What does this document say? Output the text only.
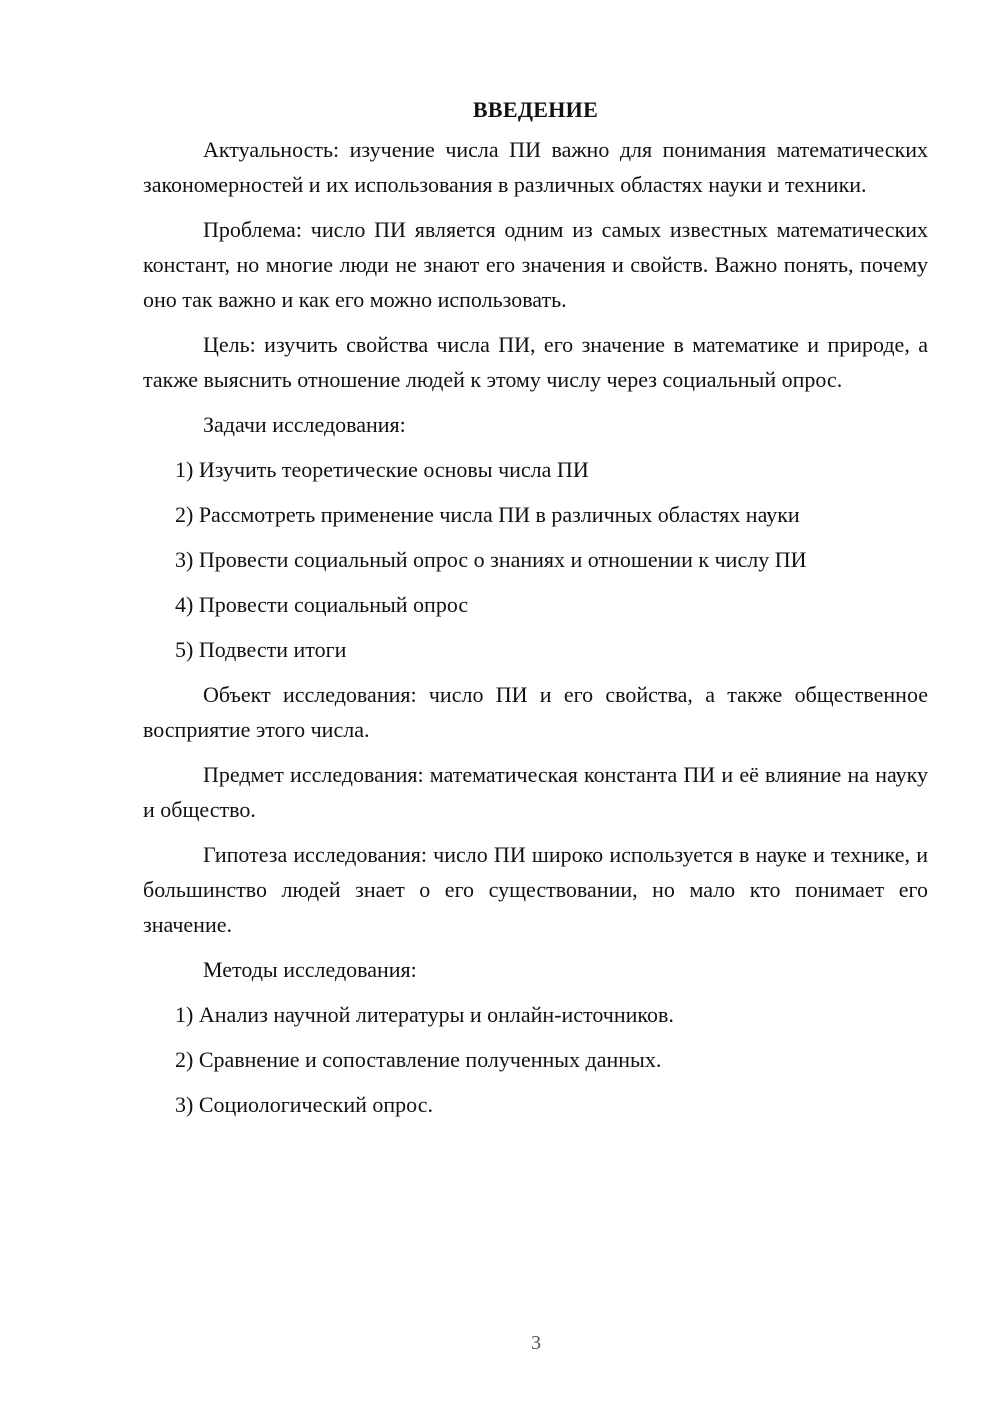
ВВЕДЕНИЕ

Актуальность: изучение числа ПИ важно для понимания математических закономерностей и их использования в различных областях науки и техники.

Проблема: число ПИ является одним из самых известных математических констант, но многие люди не знают его значения и свойств. Важно понять, почему оно так важно и как его можно использовать.

Цель: изучить свойства числа ПИ, его значение в математике и природе, а также выяснить отношение людей к этому числу через социальный опрос.

Задачи исследования:

1) Изучить теоретические основы числа ПИ
2) Рассмотреть применение числа ПИ в различных областях науки
3) Провести социальный опрос о знаниях и отношении к числу ПИ
4) Провести социальный опрос
5) Подвести итоги

Объект исследования: число ПИ и его свойства, а также общественное восприятие этого числа.

Предмет исследования: математическая константа ПИ и её влияние на науку и общество.

Гипотеза исследования: число ПИ широко используется в науке и технике, и большинство людей знает о его существовании, но мало кто понимает его значение.

Методы исследования:

1) Анализ научной литературы и онлайн-источников.
2) Сравнение и сопоставление полученных данных.
3) Социологический опрос.
3
